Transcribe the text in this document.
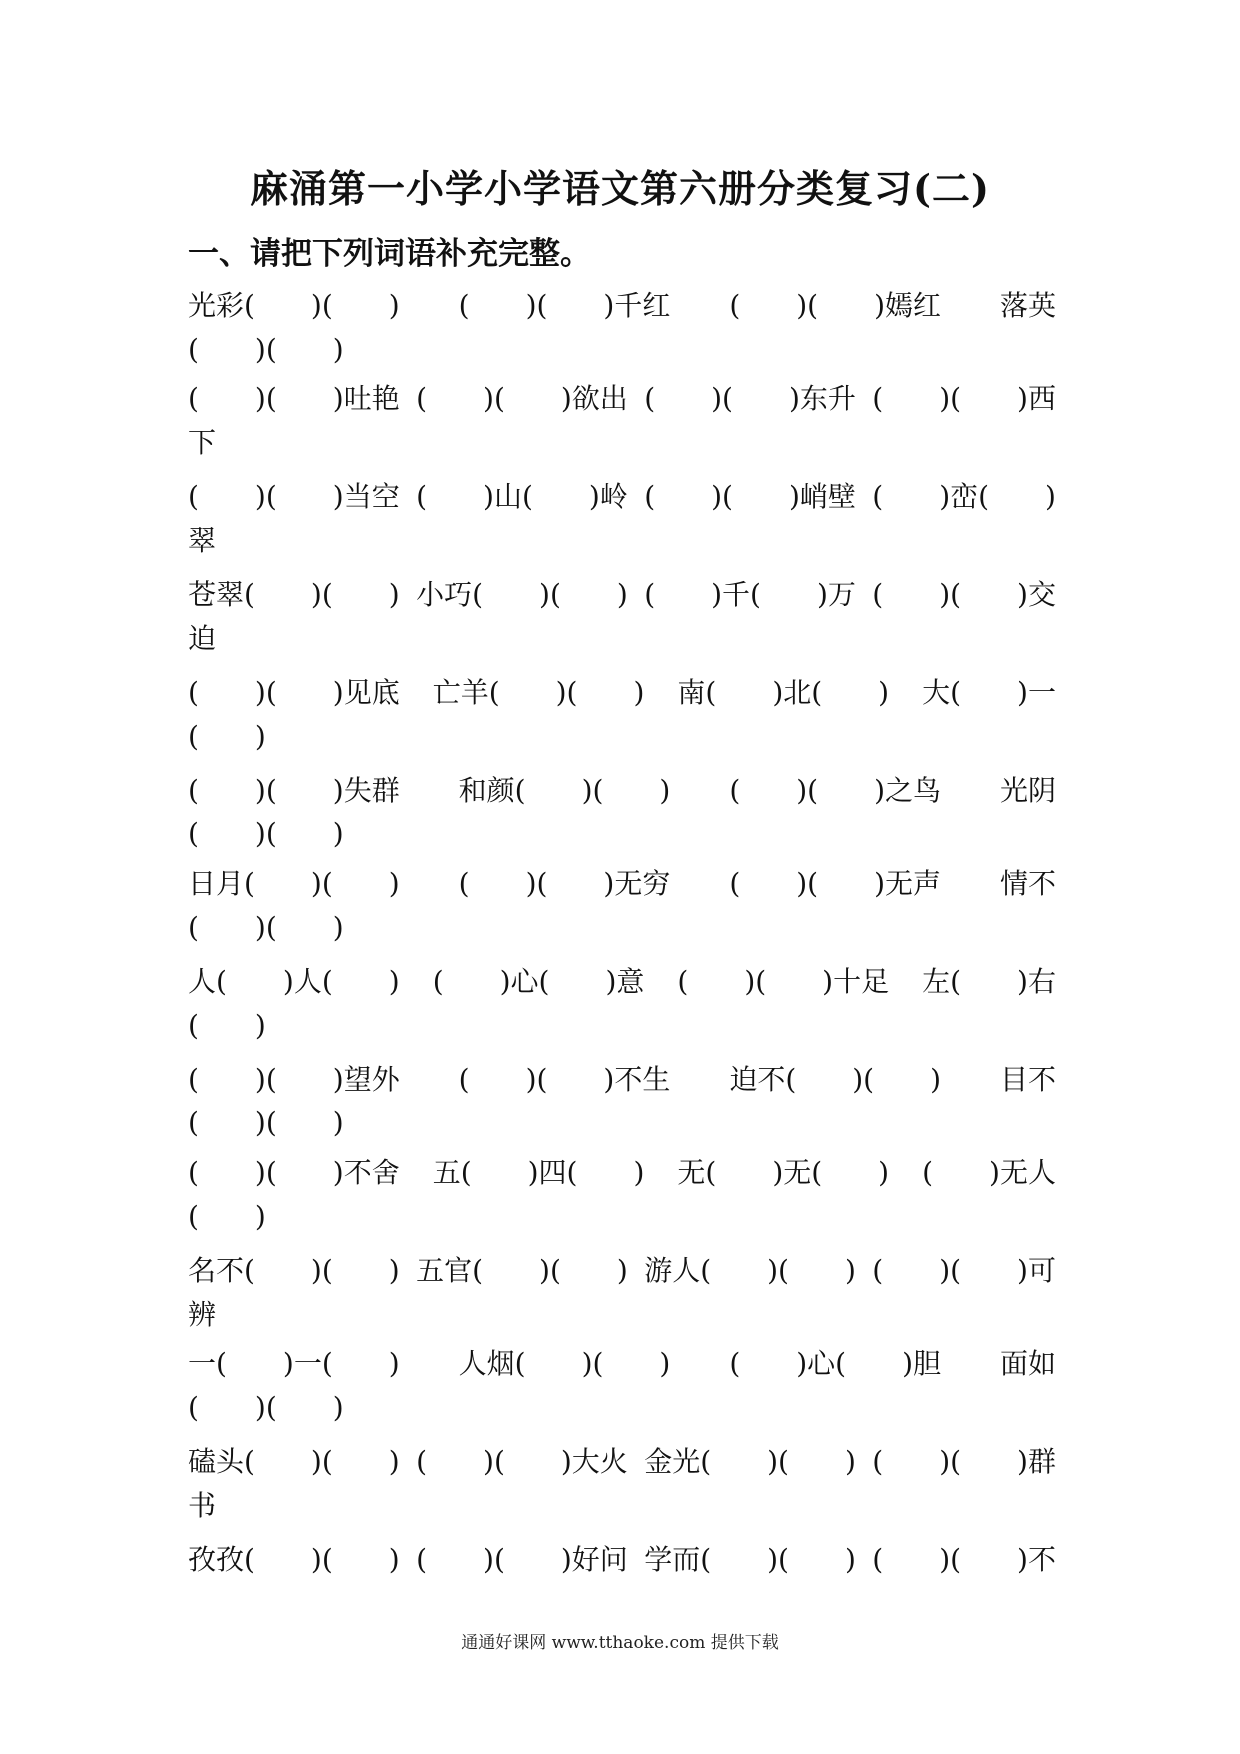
麻涌第一小学小学语文第六册分类复习(二)
一、请把下列词语补充完整。
光彩(　　)(　　) (　　)(　　)千红 (　　)(　　)嫣红 落英
(　　)(　　)
(　　)(　　)吐艳 (　　)(　　)欲出 (　　)(　　)东升 (　　)(　　)西
下
(　　)(　　)当空 (　　)山(　　)岭 (　　)(　　)峭壁 (　　)峦(　　)
翠
苍翠(　　)(　　) 小巧(　　)(　　) (　　)千(　　)万 (　　)(　　)交
迫
(　　)(　　)见底 亡羊(　　)(　　) 南(　　)北(　　) 大(　　)一
(　　)
(　　)(　　)失群 和颜(　　)(　　) (　　)(　　)之鸟 光阴
(　　)(　　)
日月(　　)(　　) (　　)(　　)无穷 (　　)(　　)无声 情不
(　　)(　　)
人(　　)人(　　) (　　)心(　　)意 (　　)(　　)十足 左(　　)右
(　　)
(　　)(　　)望外 (　　)(　　)不生 迫不(　　)(　　) 目不
(　　)(　　)
(　　)(　　)不舍 五(　　)四(　　) 无(　　)无(　　) (　　)无人
(　　)
名不(　　)(　　) 五官(　　)(　　) 游人(　　)(　　) (　　)(　　)可
辨
一(　　)一(　　) 人烟(　　)(　　) (　　)心(　　)胆 面如
(　　)(　　)
磕头(　　)(　　) (　　)(　　)大火 金光(　　)(　　) (　　)(　　)群
书
孜孜(　　)(　　) (　　)(　　)好问 学而(　　)(　　) (　　)(　　)不
通通好课网 www.tthaoke.com 提供下载
